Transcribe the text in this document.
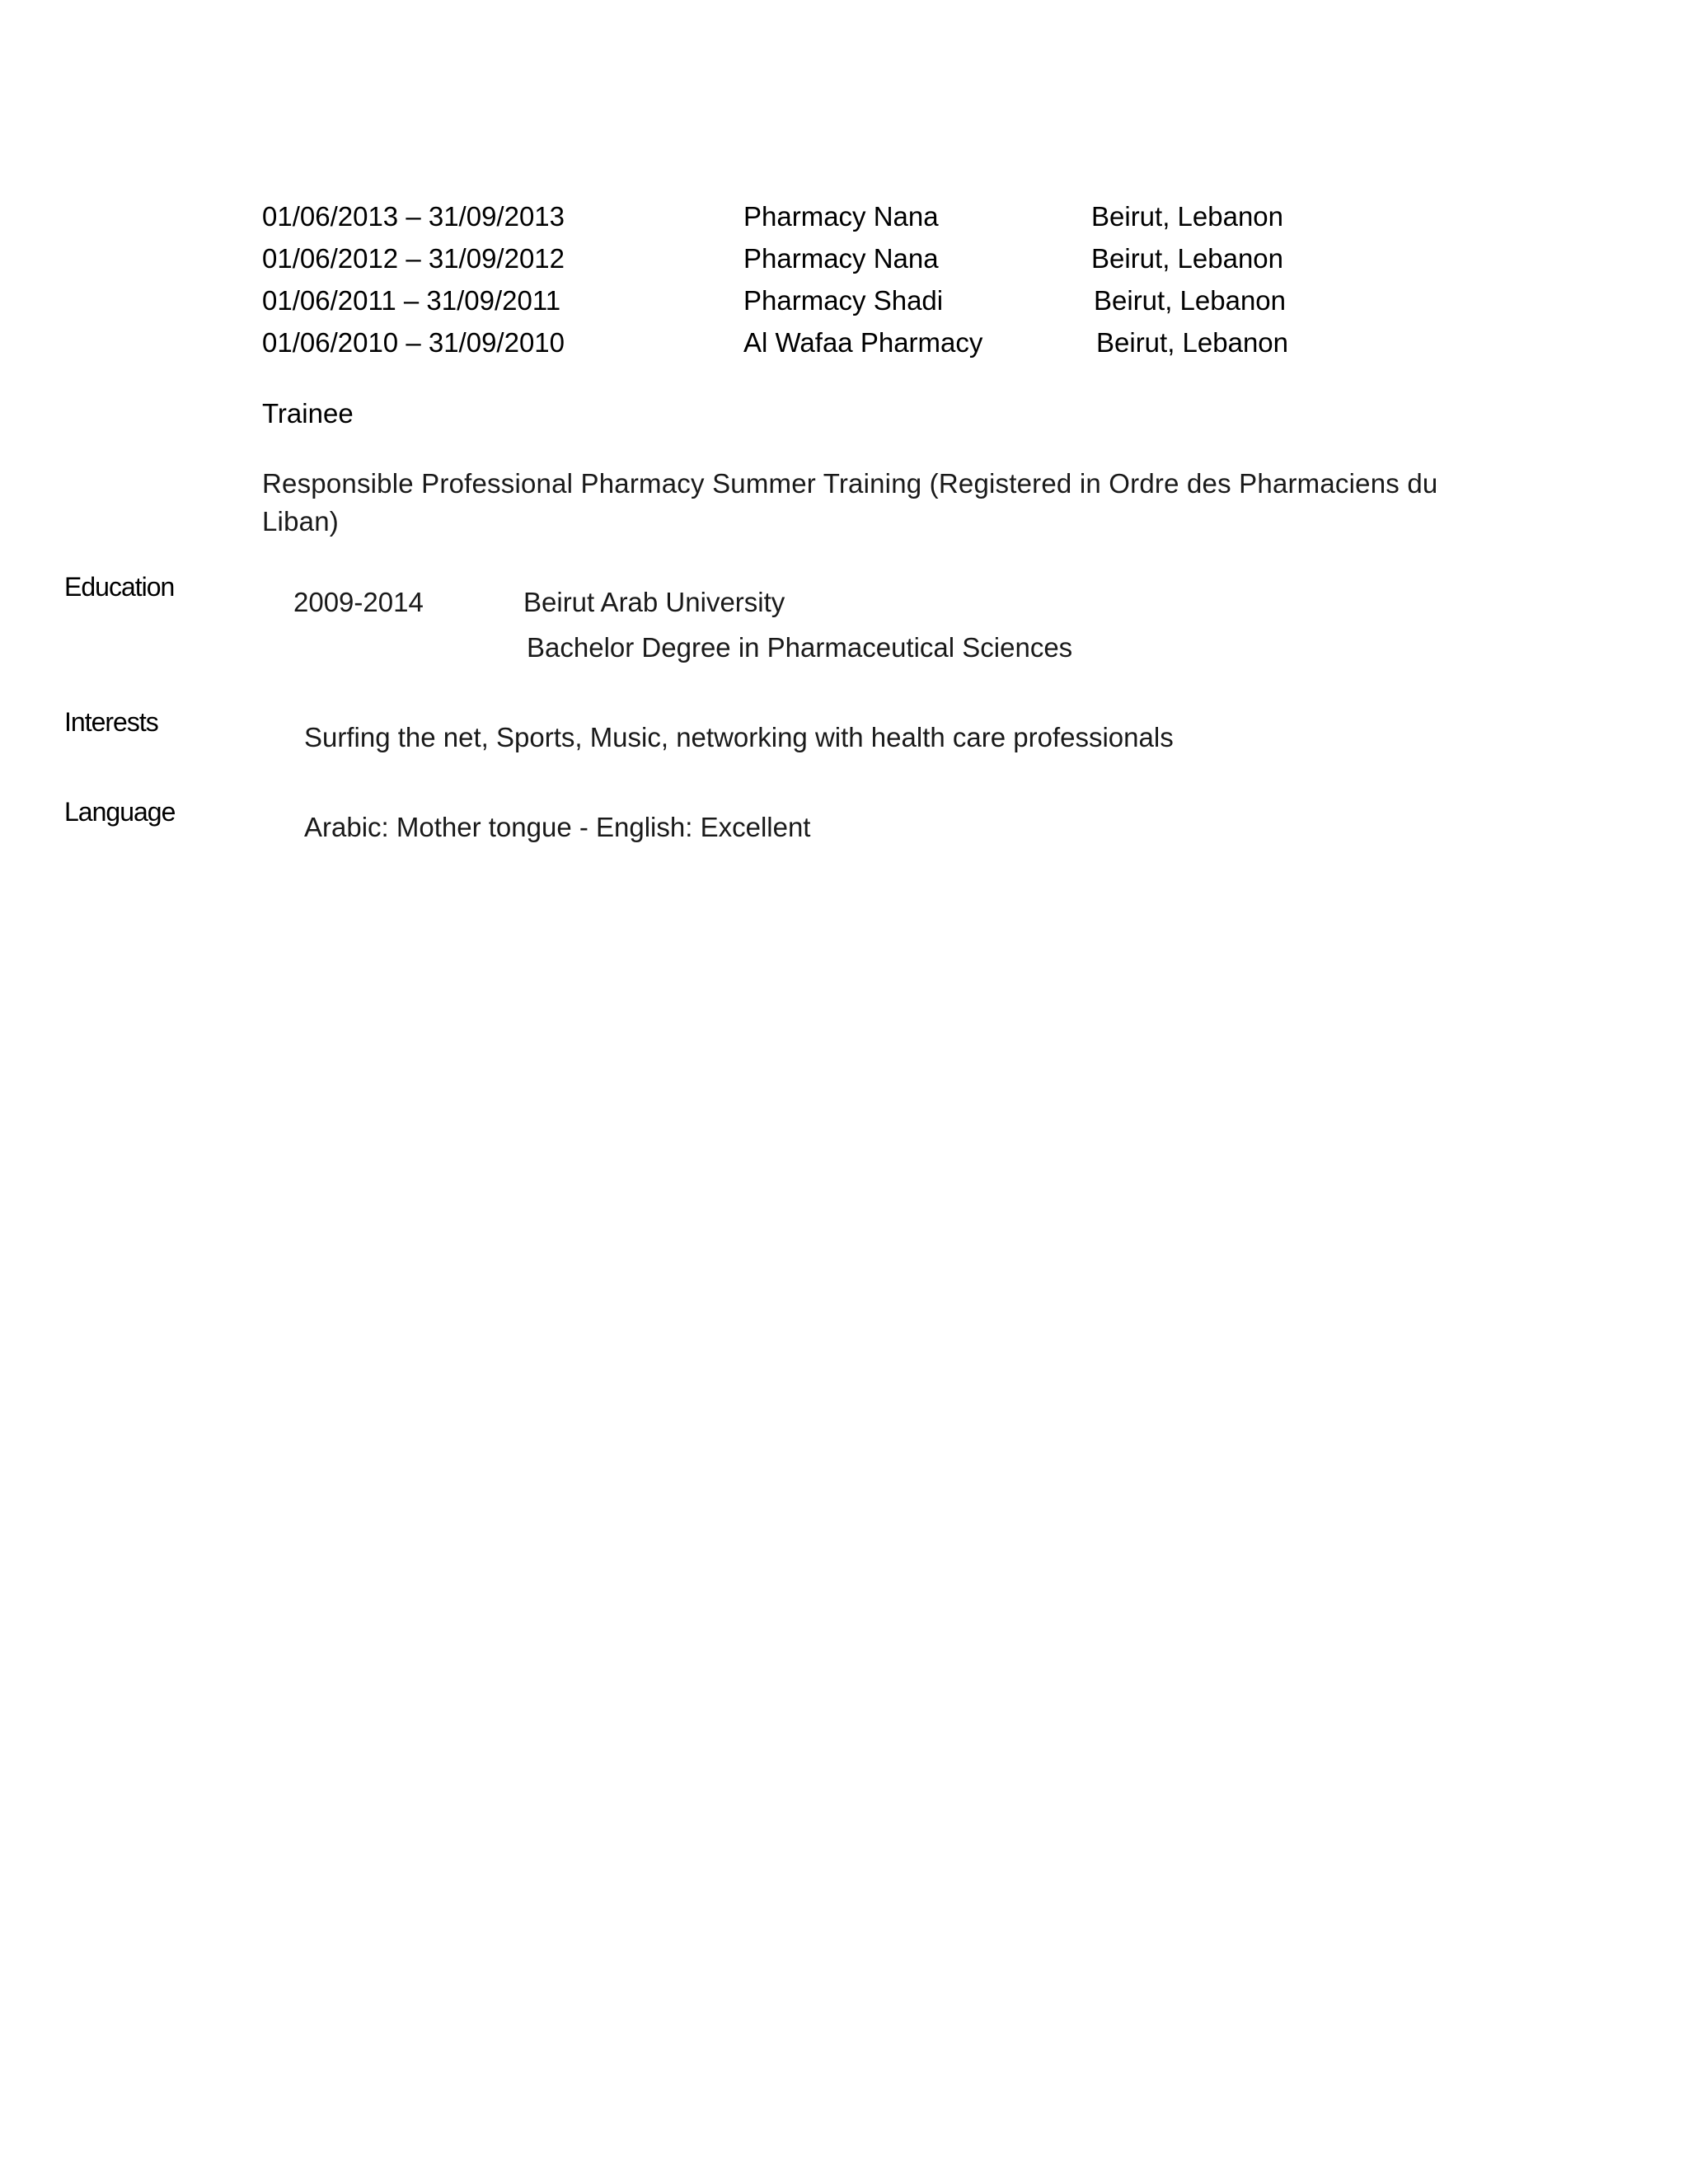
01/06/2013 – 31/09/2013	Pharmacy Nana	Beirut, Lebanon
01/06/2012 – 31/09/2012	Pharmacy Nana	Beirut, Lebanon
01/06/2011 – 31/09/2011	Pharmacy Shadi	Beirut, Lebanon
01/06/2010 – 31/09/2010	Al Wafaa Pharmacy	Beirut, Lebanon
Trainee
Responsible Professional Pharmacy Summer Training (Registered in Ordre des Pharmaciens du Liban)
Education	2009-2014	Beirut Arab University
Bachelor Degree in Pharmaceutical Sciences
Interests	Surfing the net, Sports, Music, networking with health care professionals
Language	Arabic: Mother tongue - English: Excellent
